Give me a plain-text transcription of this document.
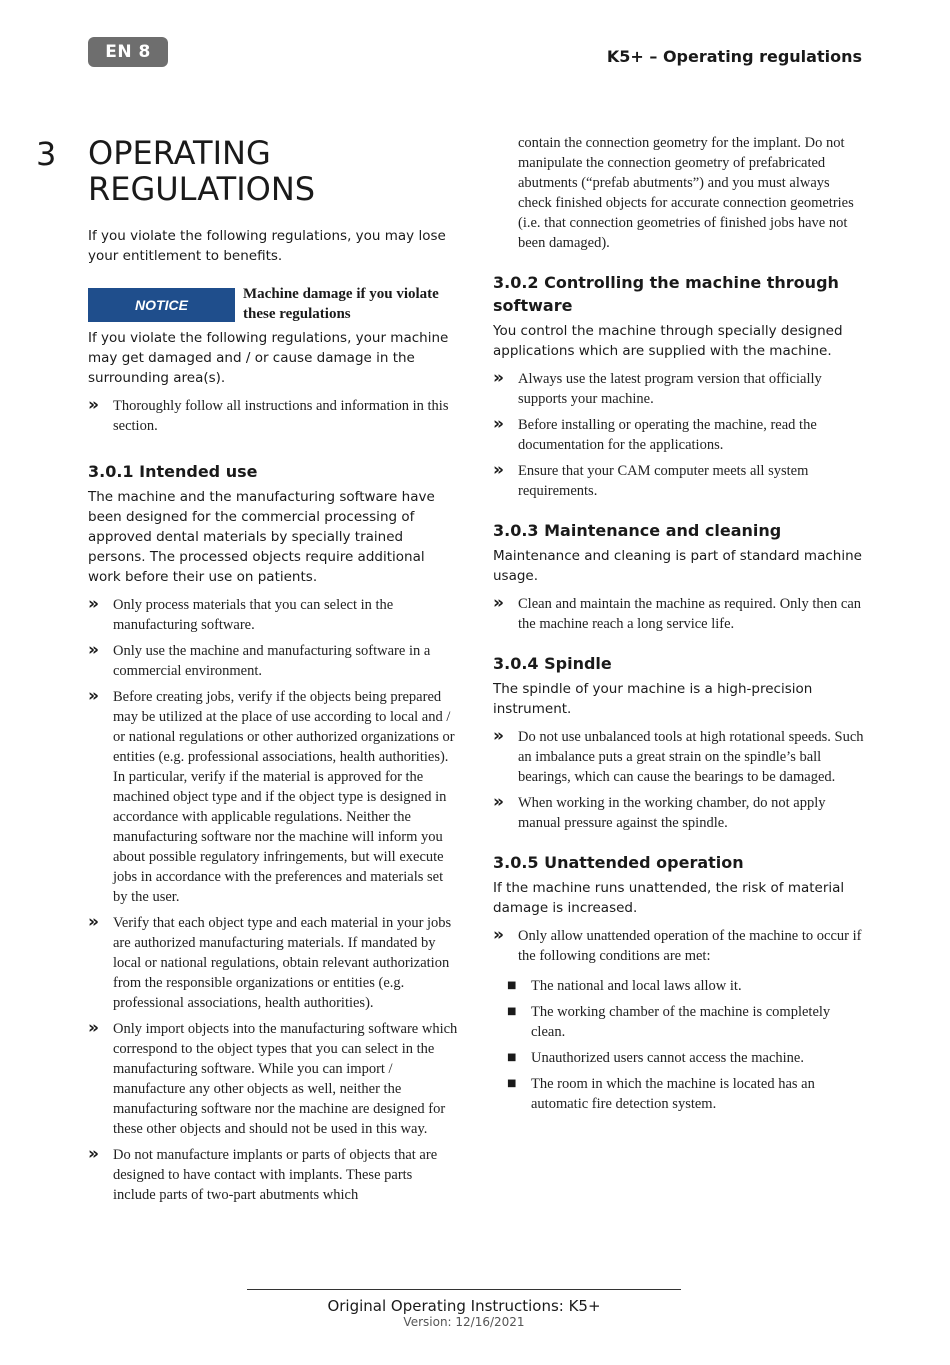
EN 8	K5+ – Operating regulations
3 OPERATING
REGULATIONS

If you violate the following regulations, you may lose your entitlement to benefits.

NOTICE
Machine damage if you violate these regulations

If you violate the following regulations, your machine may get damaged and / or cause damage in the surrounding area(s).

» Thoroughly follow all instructions and information in this section.
3.0.1 Intended use

The machine and the manufacturing software have been designed for the commercial processing of approved dental materials by specially trained persons. The processed objects require additional work before their use on patients.

» Only process materials that you can select in the manufacturing software.
» Only use the machine and manufacturing software in a commercial environment.
» Before creating jobs, verify if the objects being prepared may be utilized at the place of use according to local and / or national regulations or other authorized organizations or entities (e.g. professional associations, health authorities). In particular, verify if the material is approved for the machined object type and if the object type is designed in accordance with applicable regulations. Neither the manufacturing software nor the machine will inform you about possible regulatory infringements, but will execute jobs in accordance with the preferences and materials set by the user.
» Verify that each object type and each material in your jobs are authorized manufacturing materials. If mandated by local or national regulations, obtain relevant authorization from the responsible organizations or entities (e.g. professional associations, health authorities).
» Only import objects into the manufacturing software which correspond to the object types that you can select in the manufacturing software. While you can import / manufacture any other objects as well, neither the manufacturing software nor the machine are designed for these other objects and should not be used in this way.
» Do not manufacture implants or parts of objects that are designed to have contact with implants. These parts include parts of two-part abutments which
contain the connection geometry for the implant. Do not manipulate the connection geometry of prefabricated abutments (“prefab abutments”) and you must always check finished objects for accurate connection geometries (i.e. that connection geometries of finished jobs have not been damaged).
3.0.2 Controlling the machine through software

You control the machine through specially designed applications which are supplied with the machine.

» Always use the latest program version that officially supports your machine.
» Before installing or operating the machine, read the documentation for the applications.
» Ensure that your CAM computer meets all system requirements.
3.0.3 Maintenance and cleaning

Maintenance and cleaning is part of standard machine usage.

» Clean and maintain the machine as required. Only then can the machine reach a long service life.
3.0.4 Spindle

The spindle of your machine is a high-precision instrument.

» Do not use unbalanced tools at high rotational speeds. Such an imbalance puts a great strain on the spindle’s ball bearings, which can cause the bearings to be damaged.
» When working in the working chamber, do not apply manual pressure against the spindle.
3.0.5 Unattended operation

If the machine runs unattended, the risk of material damage is increased.

» Only allow unattended operation of the machine to occur if the following conditions are met:
■	The national and local laws allow it.
■	The working chamber of the machine is completely clean.
■	Unauthorized users cannot access the machine.
■	The room in which the machine is located has an automatic fire detection system.
Original Operating Instructions: K5+
Version: 12/16/2021
